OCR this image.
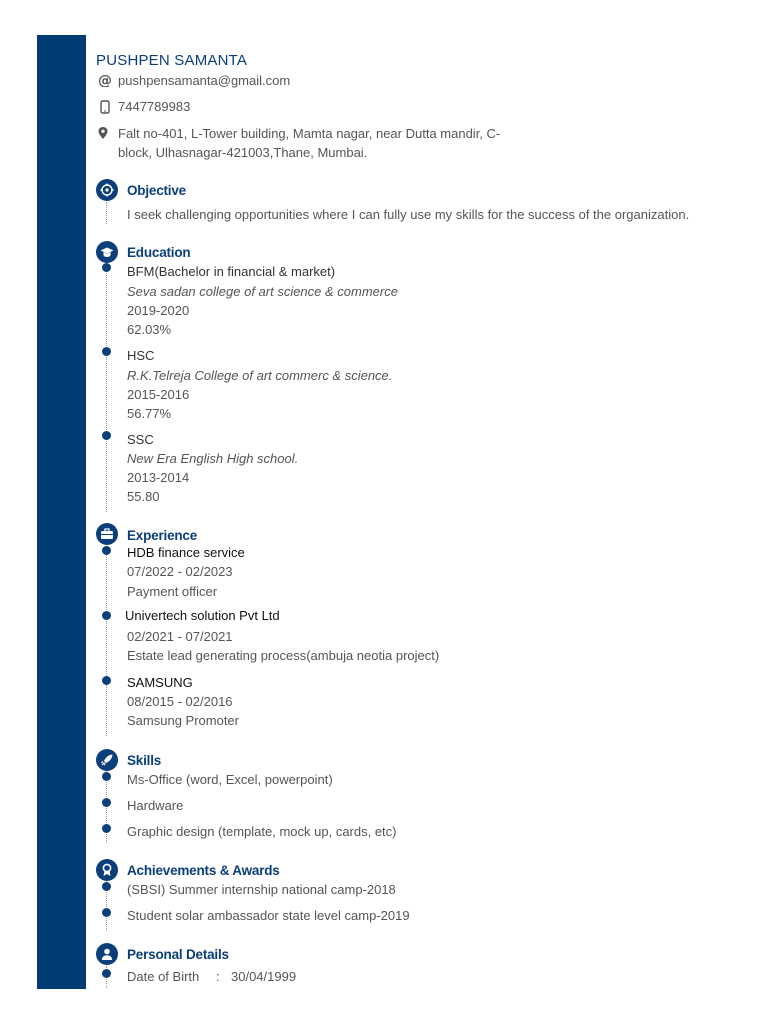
PUSHPEN SAMANTA
@ pushpensamanta@gmail.com
7447789983
Falt no-401, L-Tower building, Mamta nagar, near Dutta mandir, C-
block, Ulhasnagar-421003,Thane, Mumbai.
Objective
I seek challenging opportunities where I can fully use my skills for the success of the organization.
Education
BFM(Bachelor in financial & market)
Seva sadan college of art science & commerce
2019-2020
62.03%
HSC
R.K.Telreja College of art commerc & science.
2015-2016
56.77%
SSC
New Era English High school.
2013-2014
55.80
Experience
HDB finance service
07/2022 - 02/2023
Payment officer
Univertech solution Pvt Ltd
02/2021 - 07/2021
Estate lead generating process(ambuja neotia project)
SAMSUNG
08/2015 - 02/2016
Samsung Promoter
Skills
Ms-Office (word, Excel, powerpoint)
Hardware
Graphic design (template, mock up, cards, etc)
Achievements & Awards
(SBSI) Summer internship national camp-2018
Student solar ambassador state level camp-2019
Personal Details
Date of Birth : 30/04/1999
